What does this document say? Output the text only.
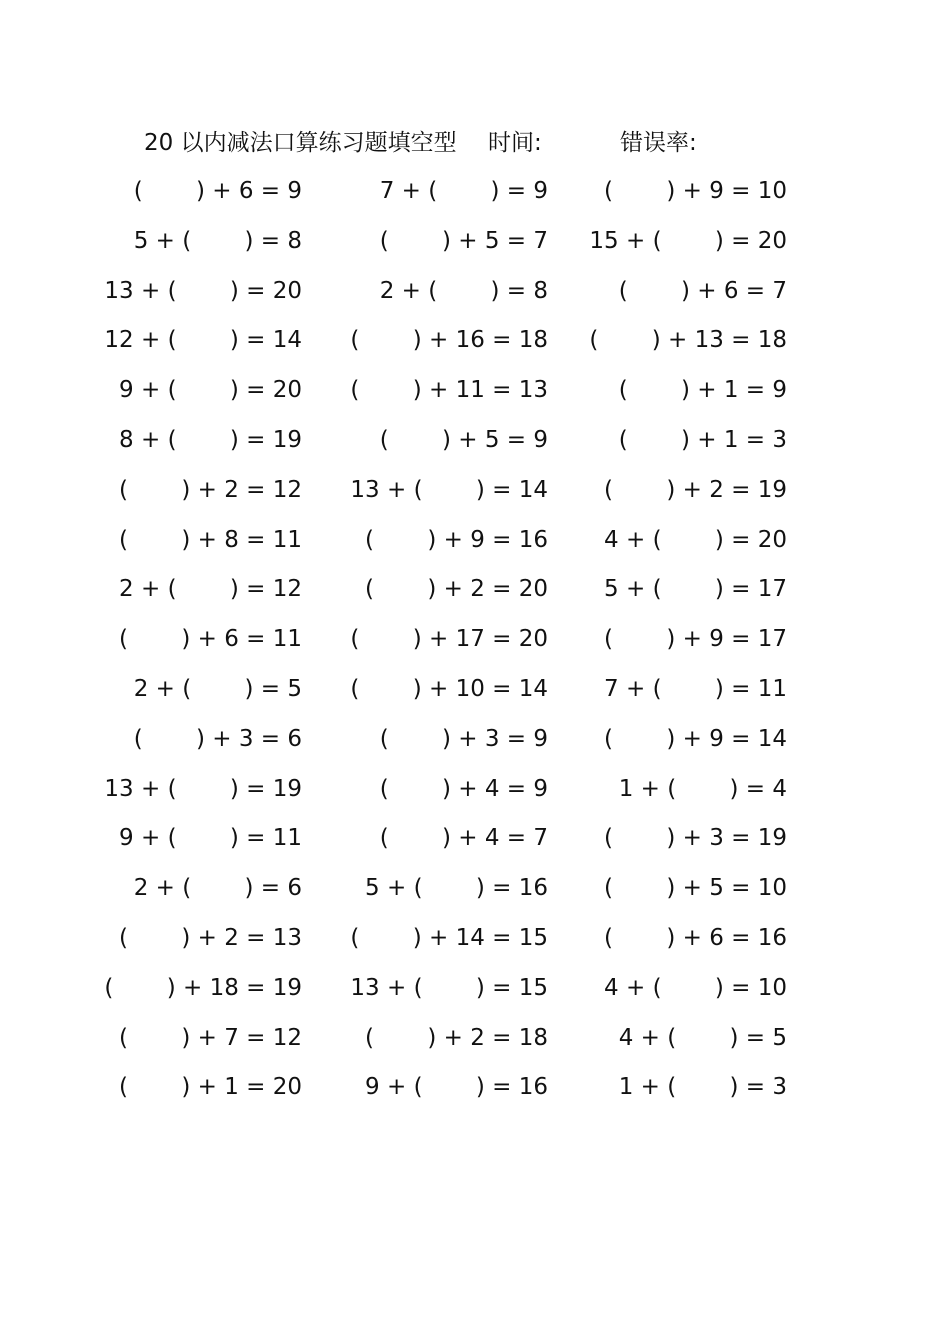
20 以内减法口算练习题填空型 时间:	错误率:
(　　 ) + 6 = 9	7 + (　　 ) = 9 (　　 ) + 9 = 10
5 + (　　 ) = 8	(　　 ) + 5 = 7 15 + (　　 ) = 20
13 + (　　 ) = 20	2 + (　　 ) = 8	(　　 ) + 6 = 7
12 + (　　 ) = 14 (　　 ) + 16 = 18 (　　 ) + 13 = 18
9 + (　　 ) = 20 (　　 ) + 11 = 13	(　　 ) + 1 = 9
8 + (　　 ) = 19	(　　 ) + 5 = 9	(　　 ) + 1 = 3
(　　 ) + 2 = 12 13 + (　　 ) = 14 (　　 ) + 2 = 19
(　　 ) + 8 = 11	(　　 ) + 9 = 16 4 + (　　 ) = 20
2 + (　　 ) = 12	(　　 ) + 2 = 20 5 + (　　 ) = 17
(　　 ) + 6 = 11 (　　 ) + 17 = 20 (　　 ) + 9 = 17
2 + (　　 ) = 5 (　　 ) + 10 = 14 7 + (　　 ) = 11
(　　 ) + 3 = 6	(　　 ) + 3 = 9 (　　 ) + 9 = 14
13 + (　　 ) = 19	(　　 ) + 4 = 9	1 + (　　 ) = 4
9 + (　　 ) = 11	(　　 ) + 4 = 7 (　　 ) + 3 = 19
2 + (　　 ) = 6	5 + (　　 ) = 16 (　　 ) + 5 = 10
(　　 ) + 2 = 13 (　　 ) + 14 = 15 (　　 ) + 6 = 16
(　　 ) + 18 = 19 13 + (　　 ) = 15 4 + (　　 ) = 10
(　　 ) + 7 = 12	(　　 ) + 2 = 18	4 + (　　 ) = 5
(　　 ) + 1 = 20	9 + (　　 ) = 16	1 + (　　 ) = 3
